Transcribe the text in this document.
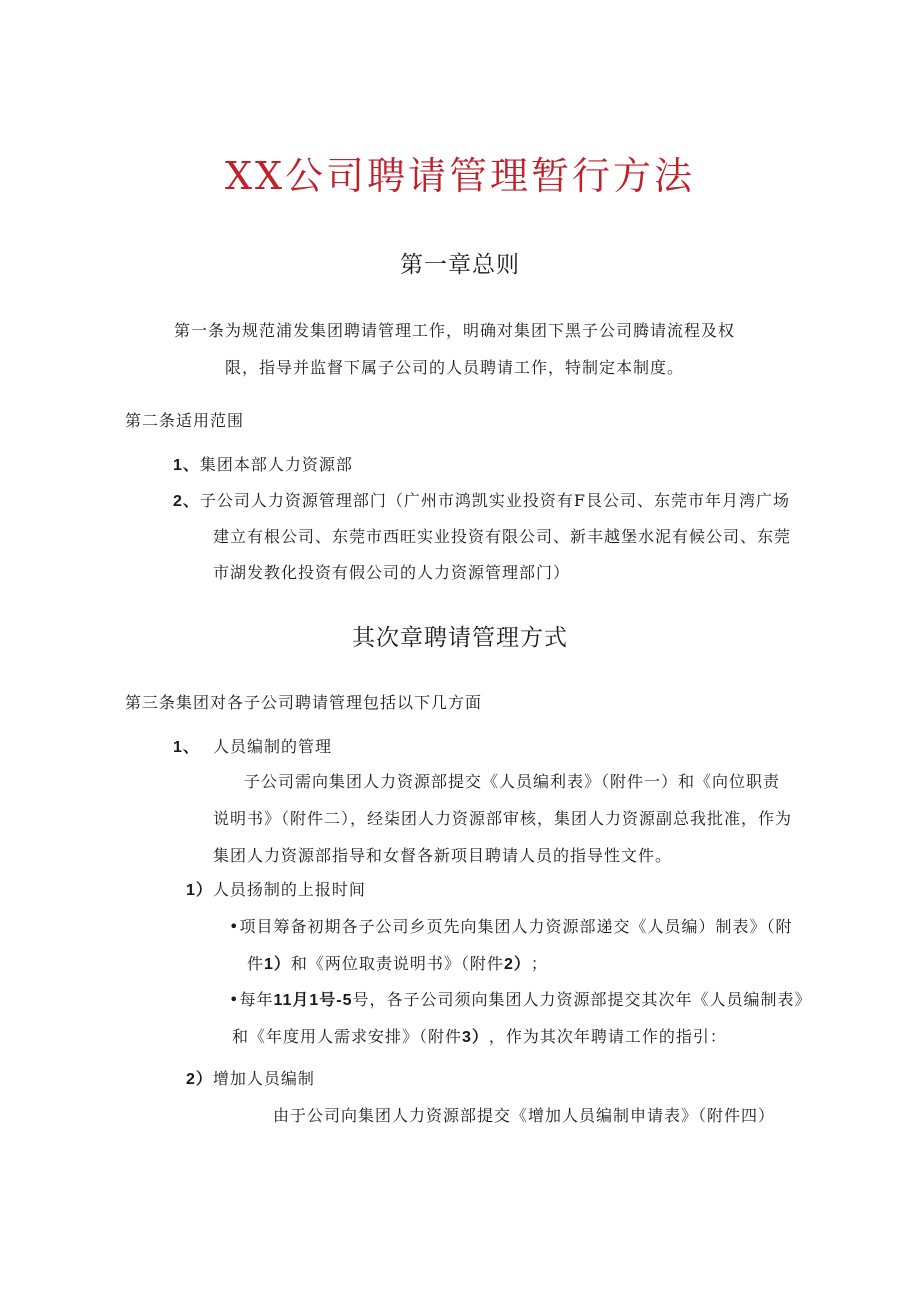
XX公司聘请管理暂行方法
第一章总则
第一条为规范浦发集团聘请管理工作，明确对集团下黑子公司腾请流程及权
限，指导并监督下属子公司的人员聘请工作，特制定本制度。
第二条适用范围
1、集团本部人力资源部
2、子公司人力资源管理部门（广州市鸿凯实业投资有F艮公司、东莞市年月湾广场
建立有根公司、东莞市西旺实业投资有限公司、新丰越堡水泥有候公司、东莞
市湖发教化投资有假公司的人力资源管理部门）
其次章聘请管理方式
第三条集团对各子公司聘请管理包括以下几方面
1、 人员编制的管理
子公司需向集团人力资源部提交《人员编利表》（附件一）和《向位职责
说明书》（附件二），经柒团人力资源部审核，集团人力资源副总我批准，作为
集团人力资源部指导和女督各新项目聘请人员的指导性文件。
1）人员扬制的上报时间
•项目筹备初期各子公司乡页先向集团人力资源部递交《人员编）制表》（附
件1）和《两位取责说明书》（附件2）；
•每年11月1号-5号，各子公司须向集团人力资源部提交其次年《人员编制表》
和《年度用人需求安排》（附件3），作为其次年聘请工作的指引：
2）增加人员编制
由于公司向集团人力资源部提交《增加人员编制申请表》（附件四）
